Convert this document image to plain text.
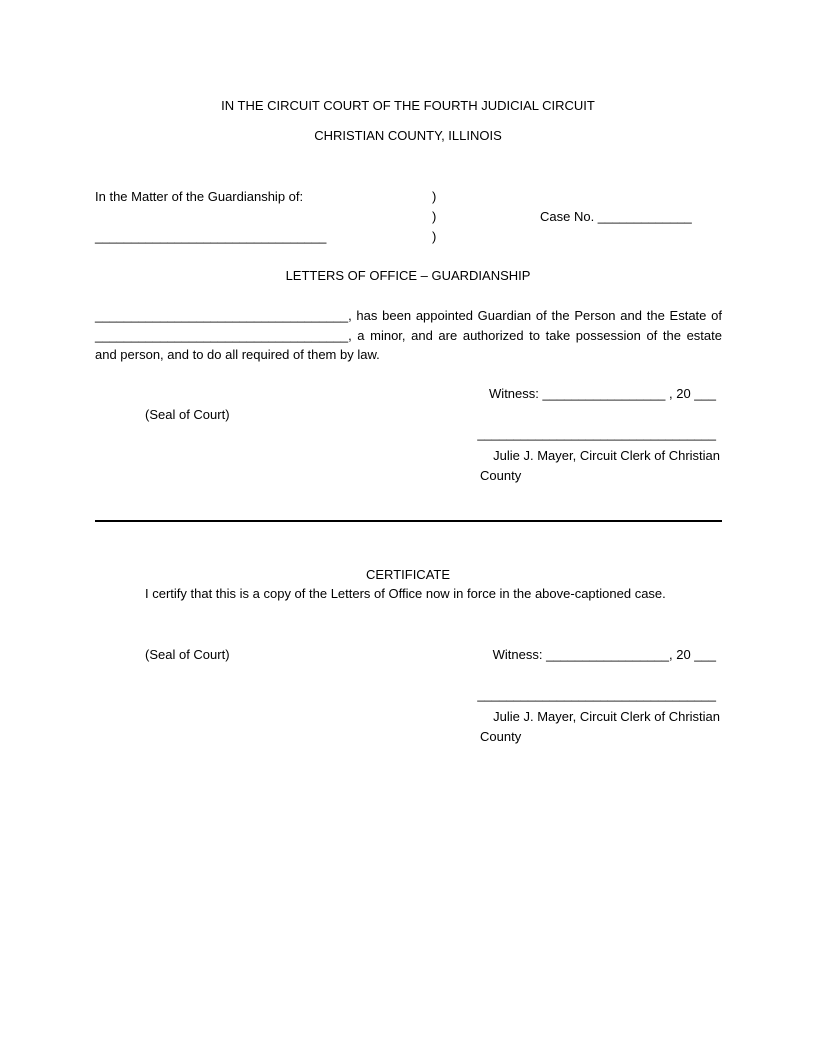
IN THE CIRCUIT COURT OF THE FOURTH JUDICIAL CIRCUIT
CHRISTIAN COUNTY, ILLINOIS
In the Matter of the Guardianship of:
________________________________
)
)
)
Case No. _____________
LETTERS OF OFFICE – GUARDIANSHIP
___________________________________, has been appointed Guardian of the Person and the Estate of
___________________________________, a minor, and are authorized to take possession of the estate
and person, and to do all required of them by law.
Witness: _________________ , 20 ___
(Seal of Court)
_________________________________
Julie J. Mayer, Circuit Clerk of Christian
County
CERTIFICATE
I certify that this is a copy of the Letters of Office now in force in the above-captioned case.
(Seal of Court)	Witness: _________________, 20 ___
_________________________________
Julie J. Mayer, Circuit Clerk of Christian
County
